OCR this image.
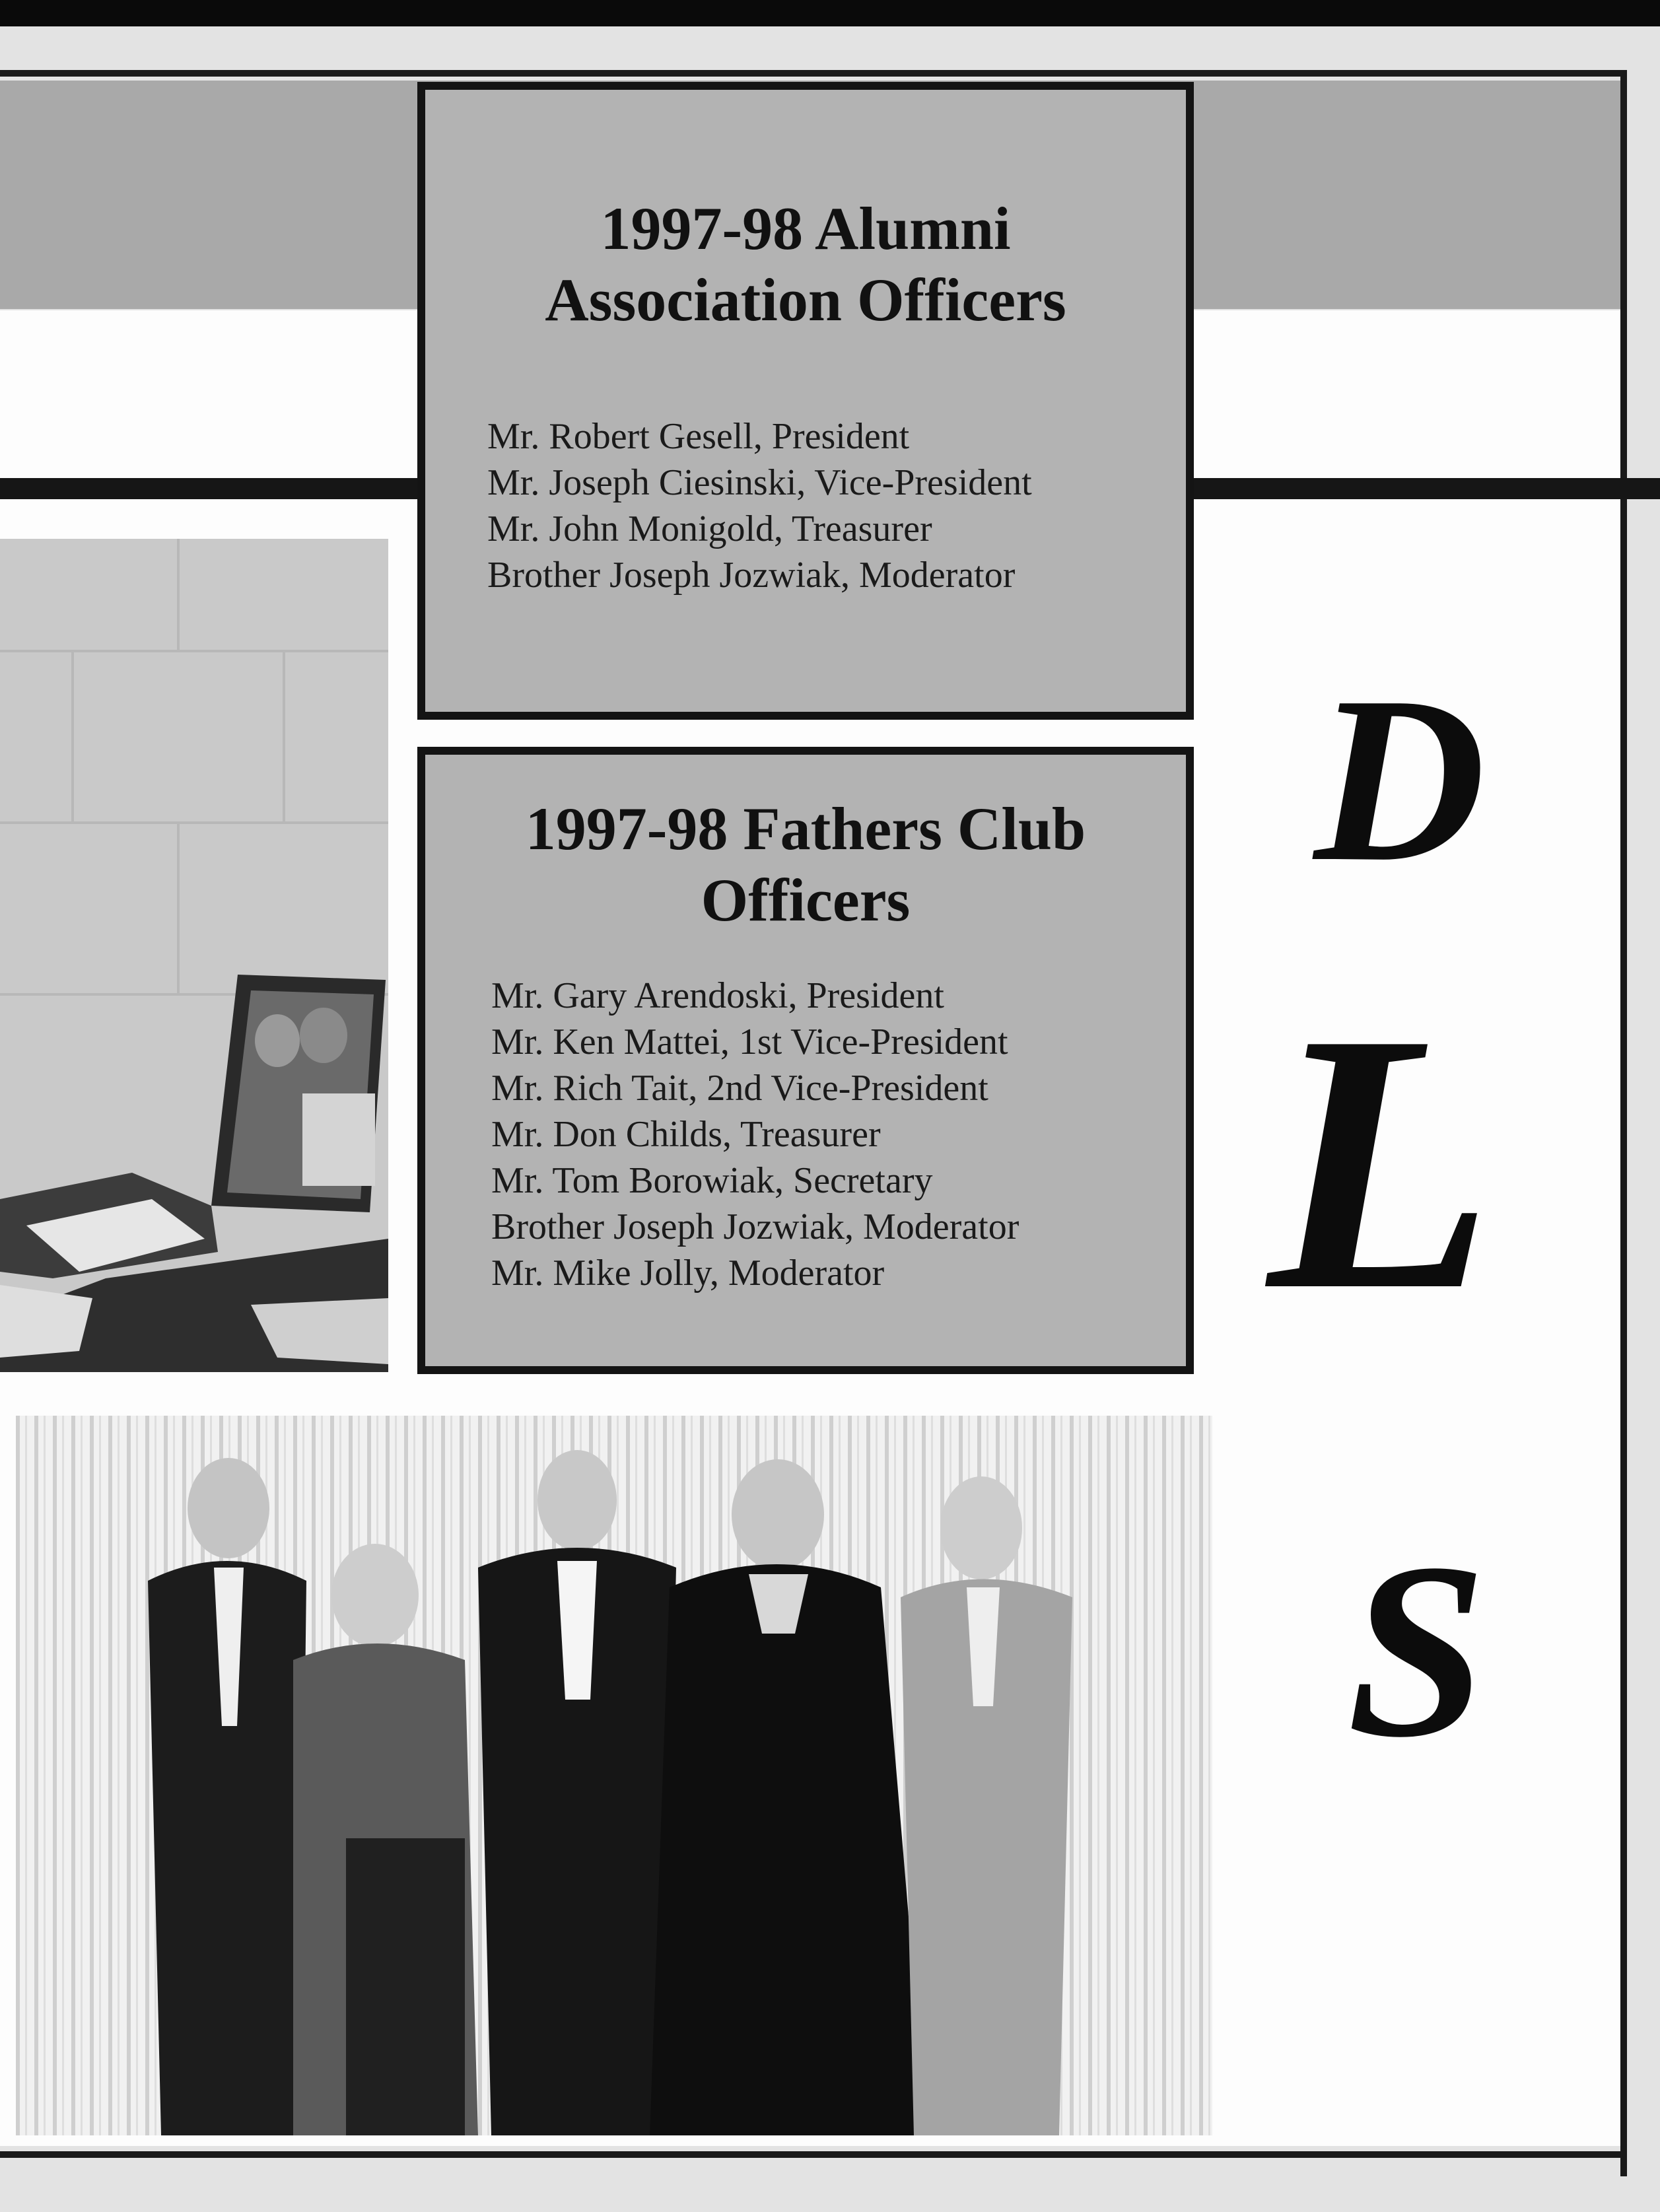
1997-98 Alumni
Association Officers
Mr. Robert Gesell, President
Mr. Joseph Ciesinski, Vice-President
Mr. John Monigold, Treasurer
Brother Joseph Jozwiak, Moderator
1997-98 Fathers Club
Officers
Mr. Gary Arendoski, President
Mr. Ken Mattei, 1st Vice-President
Mr. Rich Tait, 2nd Vice-President
Mr. Don Childs, Treasurer
Mr. Tom Borowiak, Secretary
Brother Joseph Jozwiak, Moderator
Mr. Mike Jolly, Moderator
D
L
S
